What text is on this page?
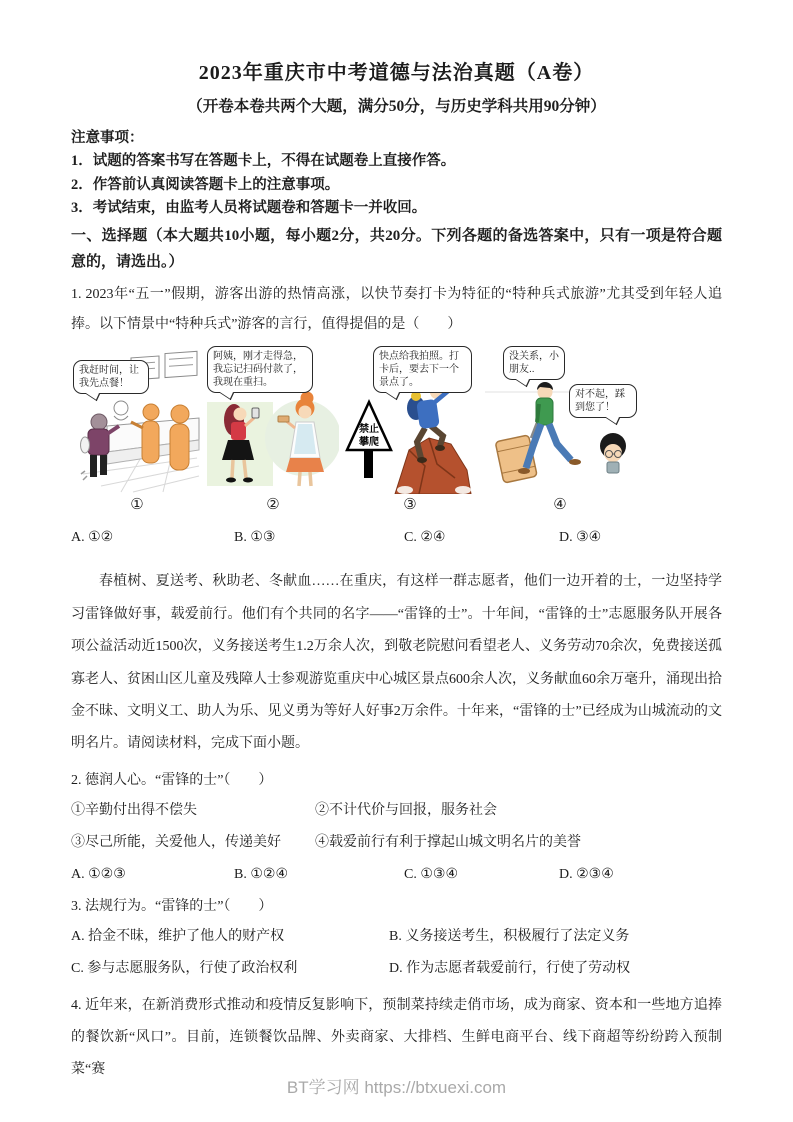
2023年重庆市中考道德与法治真题（A卷）
（开卷本卷共两个大题，满分50分，与历史学科共用90分钟）
注意事项：
1．试题的答案书写在答题卡上，不得在试题卷上直接作答。
2．作答前认真阅读答题卡上的注意事项。
3．考试结束，由监考人员将试题卷和答题卡一并收回。
一、选择题（本大题共10小题，每小题2分，共20分。下列各题的备选答案中，只有一项是符合题意的，请选出。）
1. 2023年“五一”假期，游客出游的热情高涨，以快节奏打卡为特征的“特种兵式旅游”尤其受到年轻人追捧。以下情景中“特种兵式”游客的言行，值得提倡的是（　　）
我赶时间，让我先点餐！
①
阿姨，刚才走得急，我忘记扫码付款了，我现在重扫。
②
快点给我拍照。打卡后，要去下一个景点了。
禁止
攀爬
③
没关系，小朋友..
对不起，踩到您了！
④
A. ①②	B. ①③	C. ②④	D. ③④
春植树、夏送考、秋助老、冬献血……在重庆，有这样一群志愿者，他们一边开着的士，一边坚持学习雷锋做好事，载爱前行。他们有个共同的名字——“雷锋的士”。十年间，“雷锋的士”志愿服务队开展各项公益活动近1500次，义务接送考生1.2万余人次，到敬老院慰问看望老人、义务劳动70余次，免费接送孤寡老人、贫困山区儿童及残障人士参观游览重庆中心城区景点600余人次，义务献血60余万毫升，涌现出拾金不昧、文明义工、助人为乐、见义勇为等好人好事2万余件。十年来，“雷锋的士”已经成为山城流动的文明名片。请阅读材料，完成下面小题。
2. 德润人心。“雷锋的士”（　　）
①辛勤付出得不偿失	②不计代价与回报，服务社会
③尽己所能，关爱他人，传递美好	④载爱前行有利于撑起山城文明名片的美誉
A. ①②③	B. ①②④	C. ①③④	D. ②③④
3. 法规行为。“雷锋的士”（　　）
A. 拾金不昧，维护了他人的财产权	B. 义务接送考生，积极履行了法定义务
C. 参与志愿服务队，行使了政治权利	D. 作为志愿者载爱前行，行使了劳动权
4. 近年来，在新消费形式推动和疫情反复影响下，预制菜持续走俏市场，成为商家、资本和一些地方追捧的餐饮新“风口”。目前，连锁餐饮品牌、外卖商家、大排档、生鲜电商平台、线下商超等纷纷跨入预制菜“赛
BT学习网 https://btxuexi.com
